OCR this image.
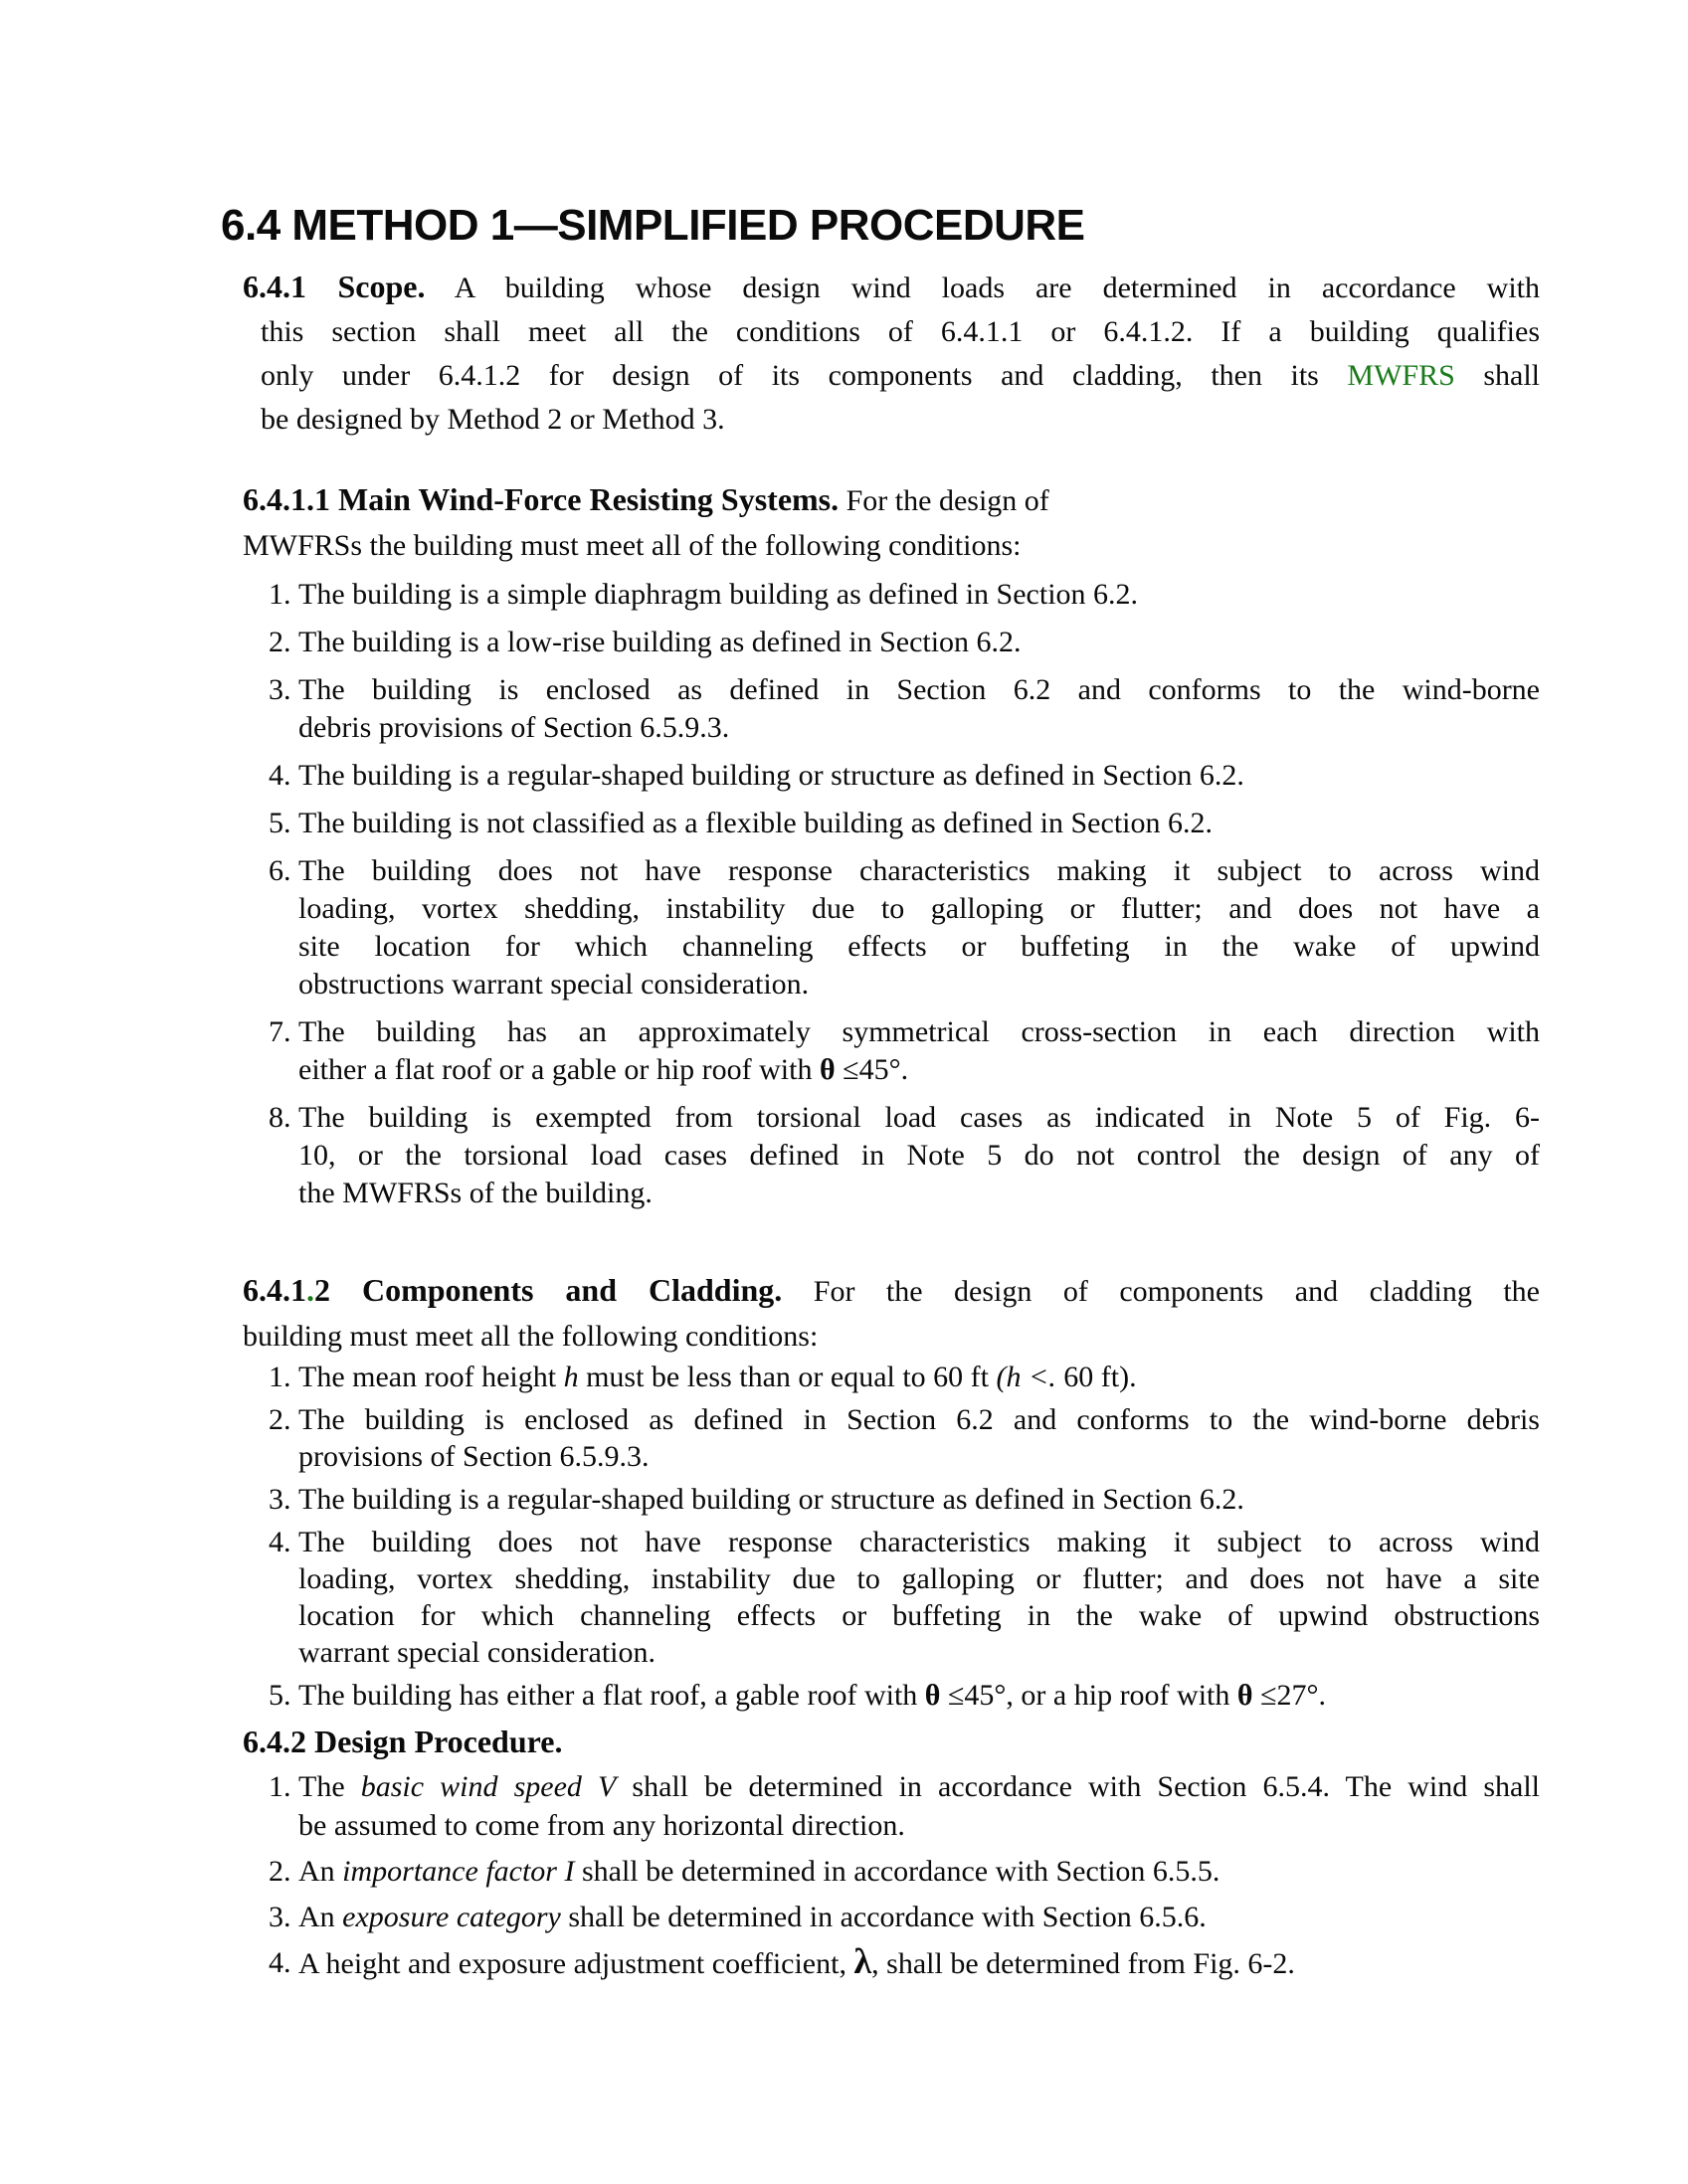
6.4 METHOD 1—SIMPLIFIED PROCEDURE
6.4.1 Scope. A building whose design wind loads are determined in accordance with
this section shall meet all the conditions of 6.4.1.1 or 6.4.1.2. If a building qualifies
only under 6.4.1.2 for design of its components and cladding, then its MWFRS shall
be designed by Method 2 or Method 3.
6.4.1.1 Main Wind-Force Resisting Systems. For the design of
MWFRSs the building must meet all of the following conditions:
1. The building is a simple diaphragm building as defined in Section 6.2.
2. The building is a low-rise building as defined in Section 6.2.
3. The building is enclosed as defined in Section 6.2 and conforms to the wind-borne
debris provisions of Section 6.5.9.3.
4. The building is a regular-shaped building or structure as defined in Section 6.2.
5. The building is not classified as a flexible building as defined in Section 6.2.
6. The building does not have response characteristics making it subject to across wind
loading, vortex shedding, instability due to galloping or flutter; and does not have a
site location for which channeling effects or buffeting in the wake of upwind
obstructions warrant special consideration.
7. The building has an approximately symmetrical cross-section in each direction with
either a flat roof or a gable or hip roof with θ ≤45°.
8. The building is exempted from torsional load cases as indicated in Note 5 of Fig. 6-
10, or the torsional load cases defined in Note 5 do not control the design of any of
the MWFRSs of the building.
6.4.1.2 Components and Cladding. For the design of components and cladding the
building must meet all the following conditions:
1. The mean roof height h must be less than or equal to 60 ft (h <. 60 ft).
2. The building is enclosed as defined in Section 6.2 and conforms to the wind-borne debris
provisions of Section 6.5.9.3.
3. The building is a regular-shaped building or structure as defined in Section 6.2.
4. The building does not have response characteristics making it subject to across wind
loading, vortex shedding, instability due to galloping or flutter; and does not have a site
location for which channeling effects or buffeting in the wake of upwind obstructions
warrant special consideration.
5. The building has either a flat roof, a gable roof with θ ≤45°, or a hip roof with θ ≤27°.
6.4.2 Design Procedure.
1. The basic wind speed V shall be determined in accordance with Section 6.5.4. The wind shall
be assumed to come from any horizontal direction.
2. An importance factor I shall be determined in accordance with Section 6.5.5.
3. An exposure category shall be determined in accordance with Section 6.5.6.
4. A height and exposure adjustment coefficient, λ, shall be determined from Fig. 6-2.
